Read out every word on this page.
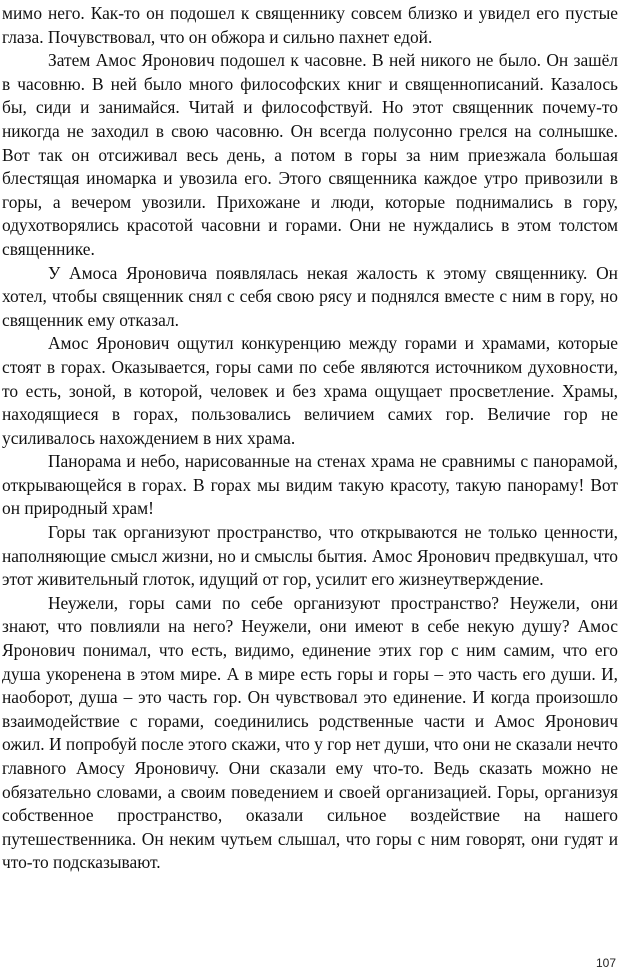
мимо него. Как-то он подошел к священнику совсем близко и увидел его пустые глаза. Почувствовал, что он обжора и сильно пахнет едой.

Затем Амос Яронович подошел к часовне. В ней никого не было. Он зашёл в часовню. В ней было много философских книг и священнописаний. Казалось бы, сиди и занимайся. Читай и философствуй. Но этот священник почему-то никогда не заходил в свою часовню. Он всегда полусонно грелся на солнышке. Вот так он отсиживал весь день, а потом в горы за ним приезжала большая блестящая иномарка и увозила его. Этого священника каждое утро привозили в горы, а вечером увозили. Прихожане и люди, которые поднимались в гору, одухотворялись красотой часовни и горами. Они не нуждались в этом толстом священнике.

У Амоса Яроновича появлялась некая жалость к этому священнику. Он хотел, чтобы священник снял с себя свою рясу и поднялся вместе с ним в гору, но священник ему отказал.

Амос Яронович ощутил конкуренцию между горами и храмами, которые стоят в горах. Оказывается, горы сами по себе являются источником духовности, то есть, зоной, в которой, человек и без храма ощущает просветление. Храмы, находящиеся в горах, пользовались величием самих гор. Величие гор не усиливалось нахождением в них храма.

Панорама и небо, нарисованные на стенах храма не сравнимы с панорамой, открывающейся в горах. В горах мы видим такую красоту, такую панораму! Вот он природный храм!

Горы так организуют пространство, что открываются не только ценности, наполняющие смысл жизни, но и смыслы бытия. Амос Яронович предвкушал, что этот живительный глоток, идущий от гор, усилит его жизнеутверждение.

Неужели, горы сами по себе организуют пространство? Неужели, они знают, что повлияли на него? Неужели, они имеют в себе некую душу? Амос Яронович понимал, что есть, видимо, единение этих гор с ним самим, что его душа укоренена в этом мире. А в мире есть горы и горы – это часть его души. И, наоборот, душа – это часть гор. Он чувствовал это единение. И когда произошло взаимодействие с горами, соединились родственные части и Амос Яронович ожил. И попробуй после этого скажи, что у гор нет души, что они не сказали нечто главного Амосу Яроновичу. Они сказали ему что-то. Ведь сказать можно не обязательно словами, а своим поведением и своей организацией. Горы, организуя собственное пространство, оказали сильное воздействие на нашего путешественника. Он неким чутьем слышал, что горы с ним говорят, они гудят и что-то подсказывают.

107
